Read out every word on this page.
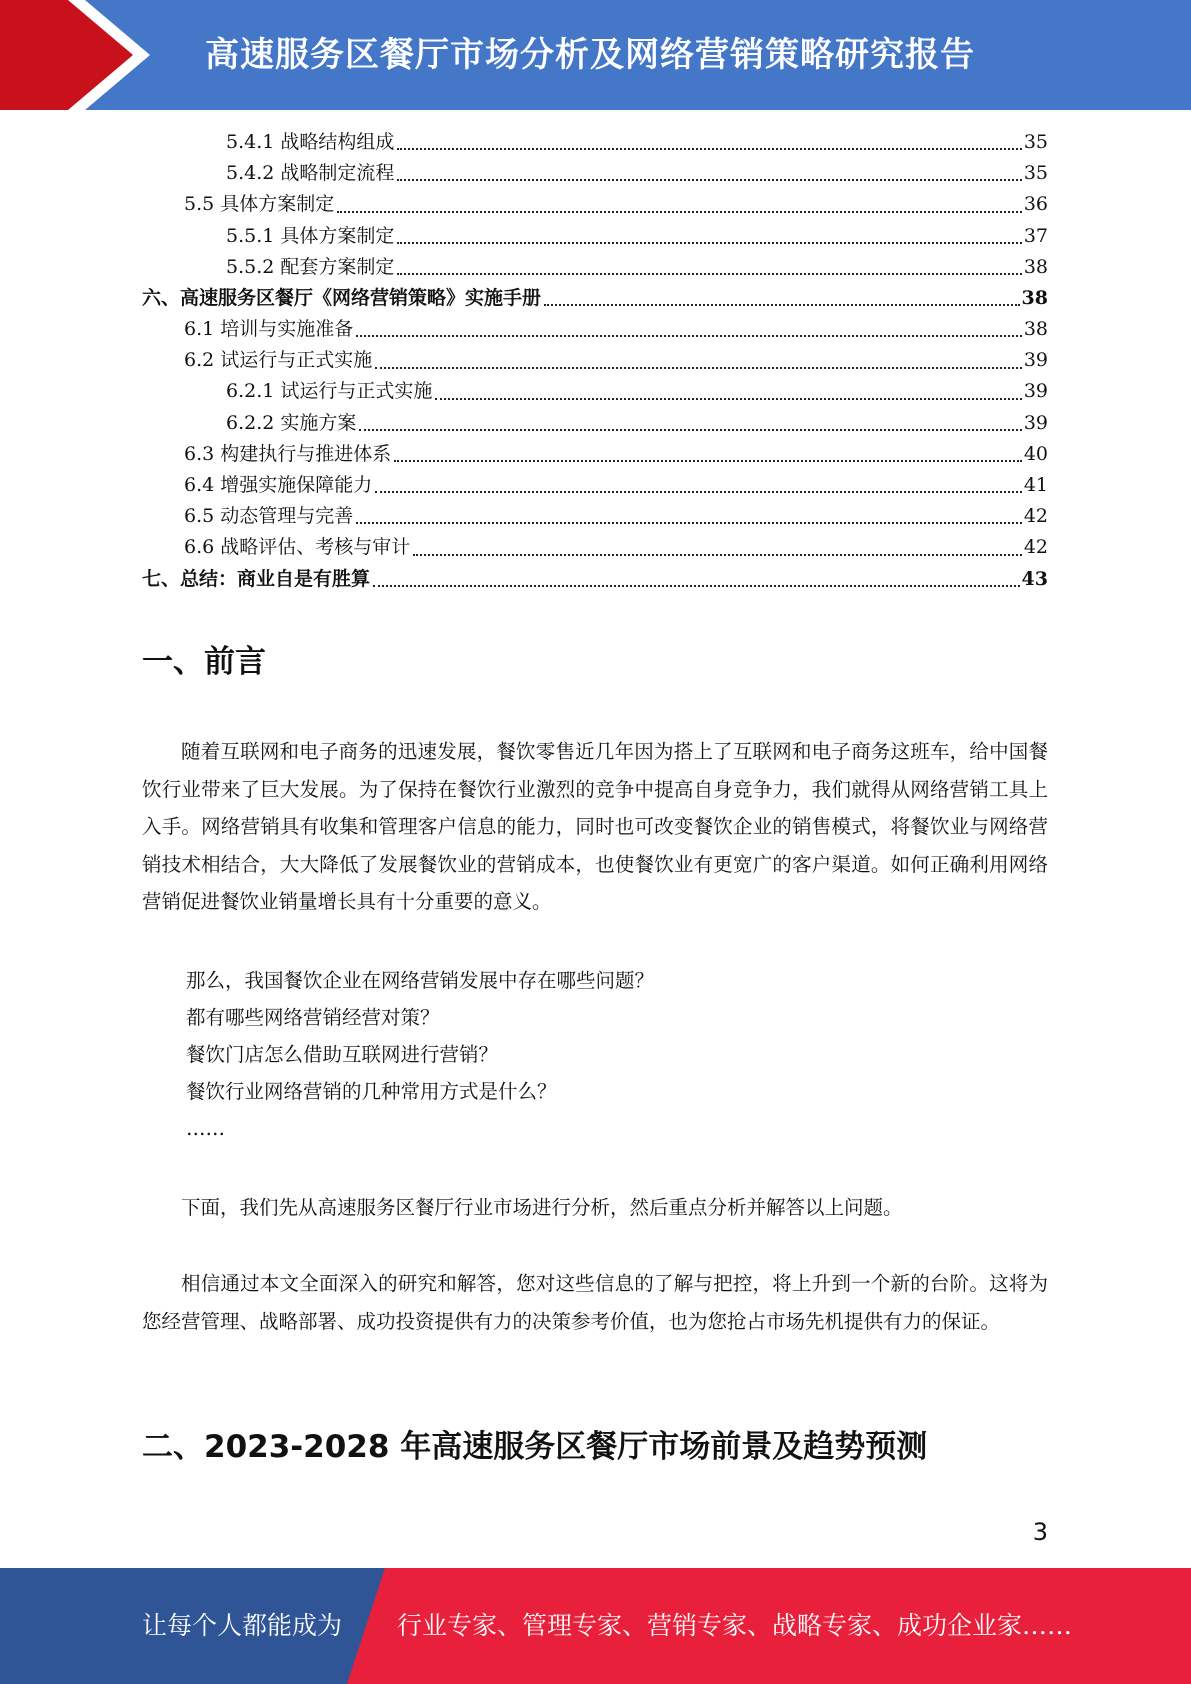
高速服务区餐厅市场分析及网络营销策略研究报告
5.4.1 战略结构组成	35
5.4.2 战略制定流程	35
5.5 具体方案制定	36
5.5.1 具体方案制定	37
5.5.2 配套方案制定	38
六、高速服务区餐厅《网络营销策略》实施手册	38
6.1 培训与实施准备	38
6.2 试运行与正式实施	39
6.2.1 试运行与正式实施	39
6.2.2 实施方案	39
6.3 构建执行与推进体系	40
6.4 增强实施保障能力	41
6.5 动态管理与完善	42
6.6 战略评估、考核与审计	42
七、总结：商业自是有胜算	43
一、前言

随着互联网和电子商务的迅速发展，餐饮零售近几年因为搭上了互联网和电子商务这班车，给中国餐饮行业带来了巨大发展。为了保持在餐饮行业激烈的竞争中提高自身竞争力，我们就得从网络营销工具上入手。网络营销具有收集和管理客户信息的能力，同时也可改变餐饮企业的销售模式，将餐饮业与网络营销技术相结合，大大降低了发展餐饮业的营销成本，也使餐饮业有更宽广的客户渠道。如何正确利用网络营销促进餐饮业销量增长具有十分重要的意义。

那么，我国餐饮企业在网络营销发展中存在哪些问题？
都有哪些网络营销经营对策？
餐饮门店怎么借助互联网进行营销？
餐饮行业网络营销的几种常用方式是什么？
……

下面，我们先从高速服务区餐厅行业市场进行分析，然后重点分析并解答以上问题。

相信通过本文全面深入的研究和解答，您对这些信息的了解与把控，将上升到一个新的台阶。这将为您经营管理、战略部署、成功投资提供有力的决策参考价值，也为您抢占市场先机提供有力的保证。

二、2023-2028 年高速服务区餐厅市场前景及趋势预测
3
让每个人都能成为 行业专家、管理专家、营销专家、战略专家、成功企业家……
